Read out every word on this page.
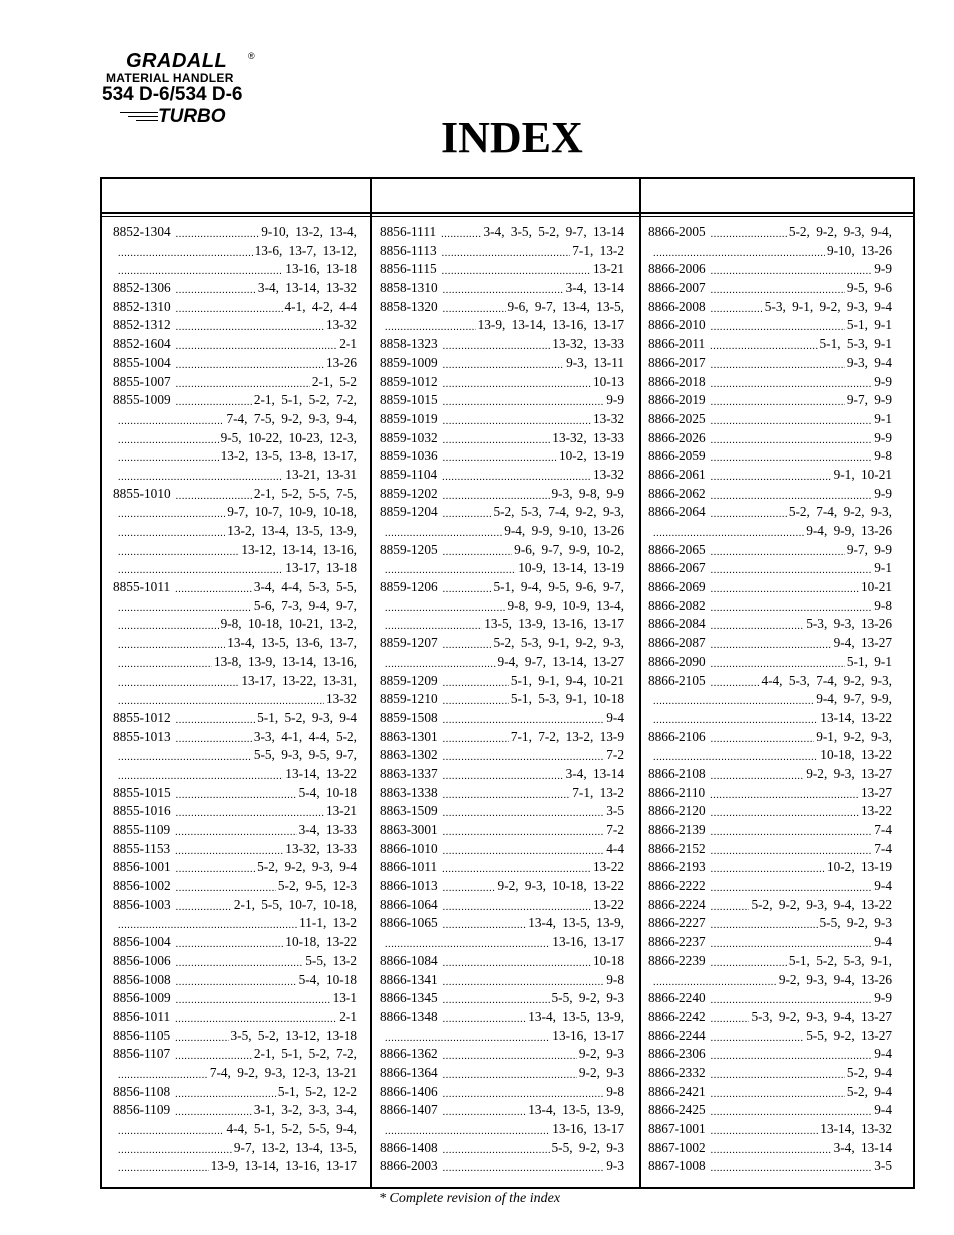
GRADALL ®
MATERIAL HANDLER
534 D-6/534 D-6
TURBO	INDEX
8852-1304 .....	9-10, 13-2, 13-4,
.....
13-6, 13-7, 13-12,
.....
13-16, 13-18
8852-1306 .....	3-4, 13-14, 13-32
8852-1310 .....	4-1, 4-2, 4-4
8852-1312 .....	13-32
8852-1604 .....	2-1
8855-1004 .....	13-26
8855-1007 .....	2-1, 5-2
8855-1009 .....	2-1, 5-1, 5-2, 7-2,
.....
7-4, 7-5, 9-2, 9-3, 9-4,
.....
9-5, 10-22, 10-23, 12-3,
.....
13-2, 13-5, 13-8, 13-17,
.....
13-21, 13-31
8855-1010 .....	2-1, 5-2, 5-5, 7-5,
.....
9-7, 10-7, 10-9, 10-18,
.....
13-2, 13-4, 13-5, 13-9,
.....
13-12, 13-14, 13-16,
.....
13-17, 13-18
8855-1011 .....	3-4, 4-4, 5-3, 5-5,
.....
5-6, 7-3, 9-4, 9-7,
.....
9-8, 10-18, 10-21, 13-2,
.....
13-4, 13-5, 13-6, 13-7,
.....
13-8, 13-9, 13-14, 13-16,
.....
13-17, 13-22, 13-31,
.....
13-32
8855-1012 .....	5-1, 5-2, 9-3, 9-4
8855-1013 .....	3-3, 4-1, 4-4, 5-2,
.....
5-5, 9-3, 9-5, 9-7,
.....
13-14, 13-22
8855-1015 .....	5-4, 10-18
8855-1016 .....	13-21
8855-1109 .....	3-4, 13-33
8855-1153 .....	13-32, 13-33
8856-1001 .....	5-2, 9-2, 9-3, 9-4
8856-1002 .....	5-2, 9-5, 12-3
8856-1003 .....	2-1, 5-5, 10-7, 10-18,
.....
11-1, 13-2
8856-1004 .....	10-18, 13-22
8856-1006 .....	5-5, 13-2
8856-1008 .....	5-4, 10-18
8856-1009 .....	13-1
8856-1011 .....	2-1
8856-1105 .....	3-5, 5-2, 13-12, 13-18
8856-1107 .....	2-1, 5-1, 5-2, 7-2,
.....
7-4, 9-2, 9-3, 12-3, 13-21
8856-1108 .....	5-1, 5-2, 12-2
8856-1109 .....	3-1, 3-2, 3-3, 3-4,
.....
4-4, 5-1, 5-2, 5-5, 9-4,
.....
9-7, 13-2, 13-4, 13-5,
.....
13-9, 13-14, 13-16, 13-17
8856-1111 .....	3-4, 3-5, 5-2, 9-7, 13-14
8856-1113 .....	7-1, 13-2
8856-1115 .....	13-21
8858-1310 .....	3-4, 13-14
8858-1320 .....	9-6, 9-7, 13-4, 13-5,
.....
13-9, 13-14, 13-16, 13-17
8858-1323 .....	13-32, 13-33
8859-1009 .....	9-3, 13-11
8859-1012 .....	10-13
8859-1015 .....	9-9
8859-1019 .....	13-32
8859-1032 .....	13-32, 13-33
8859-1036 .....	10-2, 13-19
8859-1104 .....	13-32
8859-1202 .....	9-3, 9-8, 9-9
8859-1204 .....	5-2, 5-3, 7-4, 9-2, 9-3,
.....
9-4, 9-9, 9-10, 13-26
8859-1205 .....	9-6, 9-7, 9-9, 10-2,
.....
10-9, 13-14, 13-19
8859-1206 .....	5-1, 9-4, 9-5, 9-6, 9-7,
.....
9-8, 9-9, 10-9, 13-4,
.....
13-5, 13-9, 13-16, 13-17
8859-1207 .....	5-2, 5-3, 9-1, 9-2, 9-3,
.....
9-4, 9-7, 13-14, 13-27
8859-1209 .....	5-1, 9-1, 9-4, 10-21
8859-1210 .....	5-1, 5-3, 9-1, 10-18
8859-1508 .....	9-4
8863-1301 .....	7-1, 7-2, 13-2, 13-9
8863-1302 .....	7-2
8863-1337 .....	3-4, 13-14
8863-1338 .....	7-1, 13-2
8863-1509 .....	3-5
8863-3001 .....	7-2
8866-1010 .....	4-4
8866-1011 .....	13-22
8866-1013 .....	9-2, 9-3, 10-18, 13-22
8866-1064 .....	13-22
8866-1065 .....	13-4, 13-5, 13-9,
.....
13-16, 13-17
8866-1084 .....	10-18
8866-1341 .....	9-8
8866-1345 .....	5-5, 9-2, 9-3
8866-1348 .....	13-4, 13-5, 13-9,
.....
13-16, 13-17
8866-1362 .....	9-2, 9-3
8866-1364 .....	9-2, 9-3
8866-1406 .....	9-8
8866-1407 .....	13-4, 13-5, 13-9,
.....
13-16, 13-17
8866-1408 .....	5-5, 9-2, 9-3
8866-2003 .....	9-3
8866-2005 .....	5-2, 9-2, 9-3, 9-4,
.....
9-10, 13-26
8866-2006 .....	9-9
8866-2007 .....	9-5, 9-6
8866-2008 .....	5-3, 9-1, 9-2, 9-3, 9-4
8866-2010 .....	5-1, 9-1
8866-2011 .....	5-1, 5-3, 9-1
8866-2017 .....	9-3, 9-4
8866-2018 .....	9-9
8866-2019 .....	9-7, 9-9
8866-2025 .....	9-1
8866-2026 .....	9-9
8866-2059 .....	9-8
8866-2061 .....	9-1, 10-21
8866-2062 .....	9-9
8866-2064 .....	5-2, 7-4, 9-2, 9-3,
.....
9-4, 9-9, 13-26
8866-2065 .....	9-7, 9-9
8866-2067 .....	9-1
8866-2069 .....	10-21
8866-2082 .....	9-8
8866-2084 .....	5-3, 9-3, 13-26
8866-2087 .....	9-4, 13-27
8866-2090 .....	5-1, 9-1
8866-2105 .....	4-4, 5-3, 7-4, 9-2, 9-3,
.....
9-4, 9-7, 9-9,
.....
13-14, 13-22
8866-2106 .....	9-1, 9-2, 9-3,
.....
10-18, 13-22
8866-2108 .....	9-2, 9-3, 13-27
8866-2110 .....	13-27
8866-2120 .....	13-22
8866-2139 .....	7-4
8866-2152 .....	7-4
8866-2193 .....	10-2, 13-19
8866-2222 .....	9-4
8866-2224 .....	5-2, 9-2, 9-3, 9-4, 13-22
8866-2227 .....	5-5, 9-2, 9-3
8866-2237 .....	9-4
8866-2239 .....	5-1, 5-2, 5-3, 9-1,
.....
9-2, 9-3, 9-4, 13-26
8866-2240 .....	9-9
8866-2242 .....	5-3, 9-2, 9-3, 9-4, 13-27
8866-2244 .....	5-5, 9-2, 13-27
8866-2306 .....	9-4
8866-2332 .....	5-2, 9-4
8866-2421 .....	5-2, 9-4
8866-2425 .....	9-4
8867-1001 .....	13-14, 13-32
8867-1002 .....	3-4, 13-14
8867-1008 .....	3-5
* Complete revision of the index
